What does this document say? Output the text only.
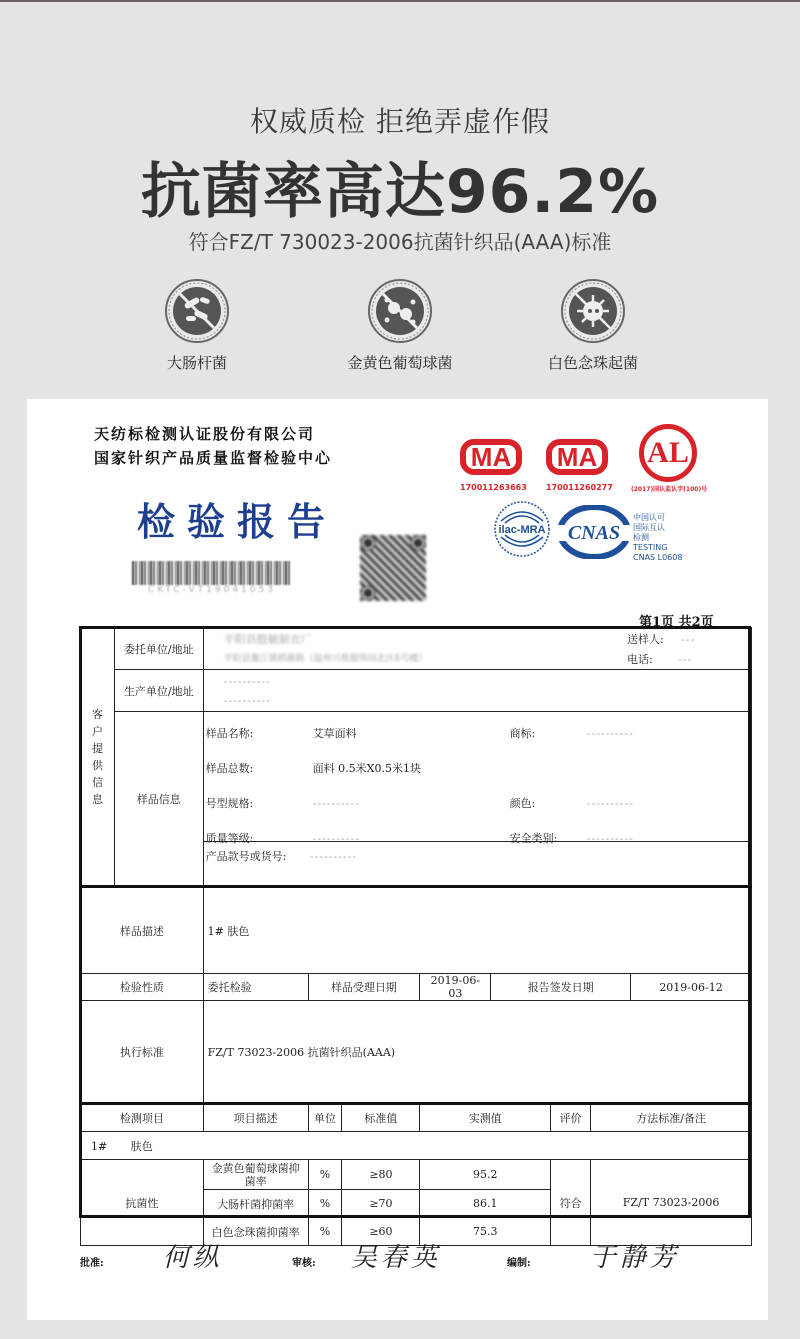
权威质检 拒绝弄虚作假
抗菌率高达96.2%
符合FZ/T 730023-2006抗菌针织品(AAA)标准
大肠杆菌	金黄色葡萄球菌	白色念珠起菌
天纺标检测认证股份有限公司
国家针织产品质量监督检验中心
检验报告
CKTC-VT19041053
MA
170011263663
MA
170011260277
AL
(2017)国认监认字(100)号
ilac-MRA CNAS
中国认可
国际互认
检测
TESTING
CNAS L0608
第1页 共2页
客户提供信息	委托单位/地址	平阳县殷敏制衣厂 送样人: ---
平阳县鳌江镇鸥藤路（温州兴敖服饰园北区6号楼） 电话: ---							

	生产单位/地址	----------
----------							

样品信息	
样品名称:	艾草面料	商标:	----------
样品总数:	面料 0.5米X0.5米1块
号型规格:	----------	颜色:	----------
质量等级:	----------	安全类别:	----------
产品款号或货号: ----------

样品描述		1# 肤色							
检验性质		委托检验	样品受理日期		2019-06-03	报告签发日期			2019-06-12
执行标准		FZ/T 73023-2006 抗菌针织品(AAA)							
检测项目		项目描述	单位	标准值	实测值		评价	方法标准/备注	
1# 肤色									
抗菌性		金黄色葡萄球菌抑菌率	%	≥80	95.2		符合	FZ/T 73023-2006	
		大肠杆菌抑菌率	%	≥70	86.1				
		白色念珠菌抑菌率	%	≥60	75.3				
批准: 何纵	审核: 吴春英	编制: 于静芳
